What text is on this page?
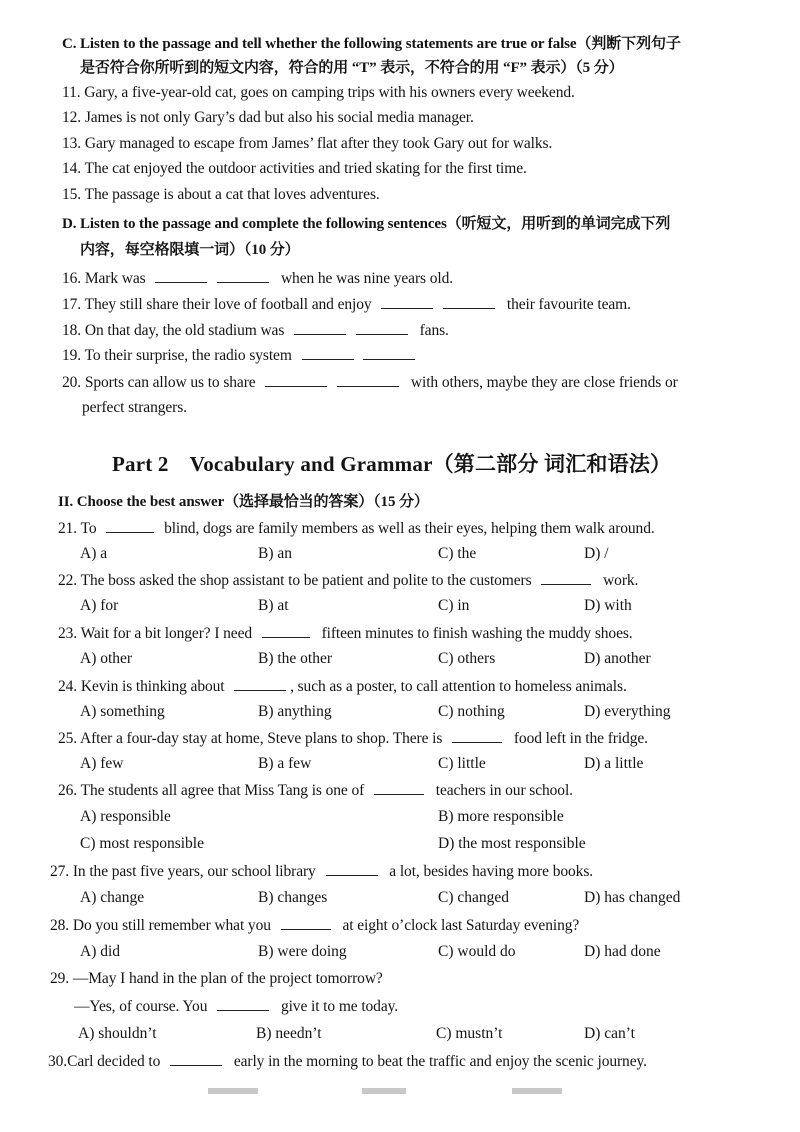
C. Listen to the passage and tell whether the following statements are true or false（判断下列句子
是否符合你所听到的短文内容，符合的用 “T” 表示，不符合的用 “F” 表示）（5 分）
11. Gary, a five-year-old cat, goes on camping trips with his owners every weekend.
12. James is not only Gary’s dad but also his social media manager.
13. Gary managed to escape from James’ flat after they took Gary out for walks.
14. The cat enjoyed the outdoor activities and tried skating for the first time.
15. The passage is about a cat that loves adventures.
D. Listen to the passage and complete the following sentences（听短文，用听到的单词完成下列
内容，每空格限填一词）（10 分）
16. Mark was	when he was nine years old.
17. They still share their love of football and enjoy	their favourite team.
18. On that day, the old stadium was	fans.
19. To their surprise, the radio system
20. Sports can allow us to share	with others, maybe they are close friends or
perfect strangers.
Part 2　Vocabulary and Grammar（第二部分 词汇和语法）
II. Choose the best answer（选择最恰当的答案）（15 分）
21. To	blind, dogs are family members as well as their eyes, helping them walk around.
A) a	B) an	C) the	D) /
22. The boss asked the shop assistant to be patient and polite to the customers	work.
A) for	B) at	C) in	D) with
23. Wait for a bit longer? I need	fifteen minutes to finish washing the muddy shoes.
A) other	B) the other	C) others	D) another
24. Kevin is thinking about	, such as a poster, to call attention to homeless animals.
A) something	B) anything	C) nothing	D) everything
25. After a four-day stay at home, Steve plans to shop. There is	food left in the fridge.
A) few	B) a few	C) little	D) a little
26. The students all agree that Miss Tang is one of	teachers in our school.
A) responsible	B) more responsible
C) most responsible	D) the most responsible
27. In the past five years, our school library	a lot, besides having more books.
A) change	B) changes	C) changed	D) has changed
28. Do you still remember what you	at eight o’clock last Saturday evening?
A) did	B) were doing	C) would do	D) had done
29. —May I hand in the plan of the project tomorrow?
—Yes, of course. You	give it to me today.
A) shouldn’t	B) needn’t	C) mustn’t	D) can’t
30.Carl decided to	early in the morning to beat the traffic and enjoy the scenic journey.
